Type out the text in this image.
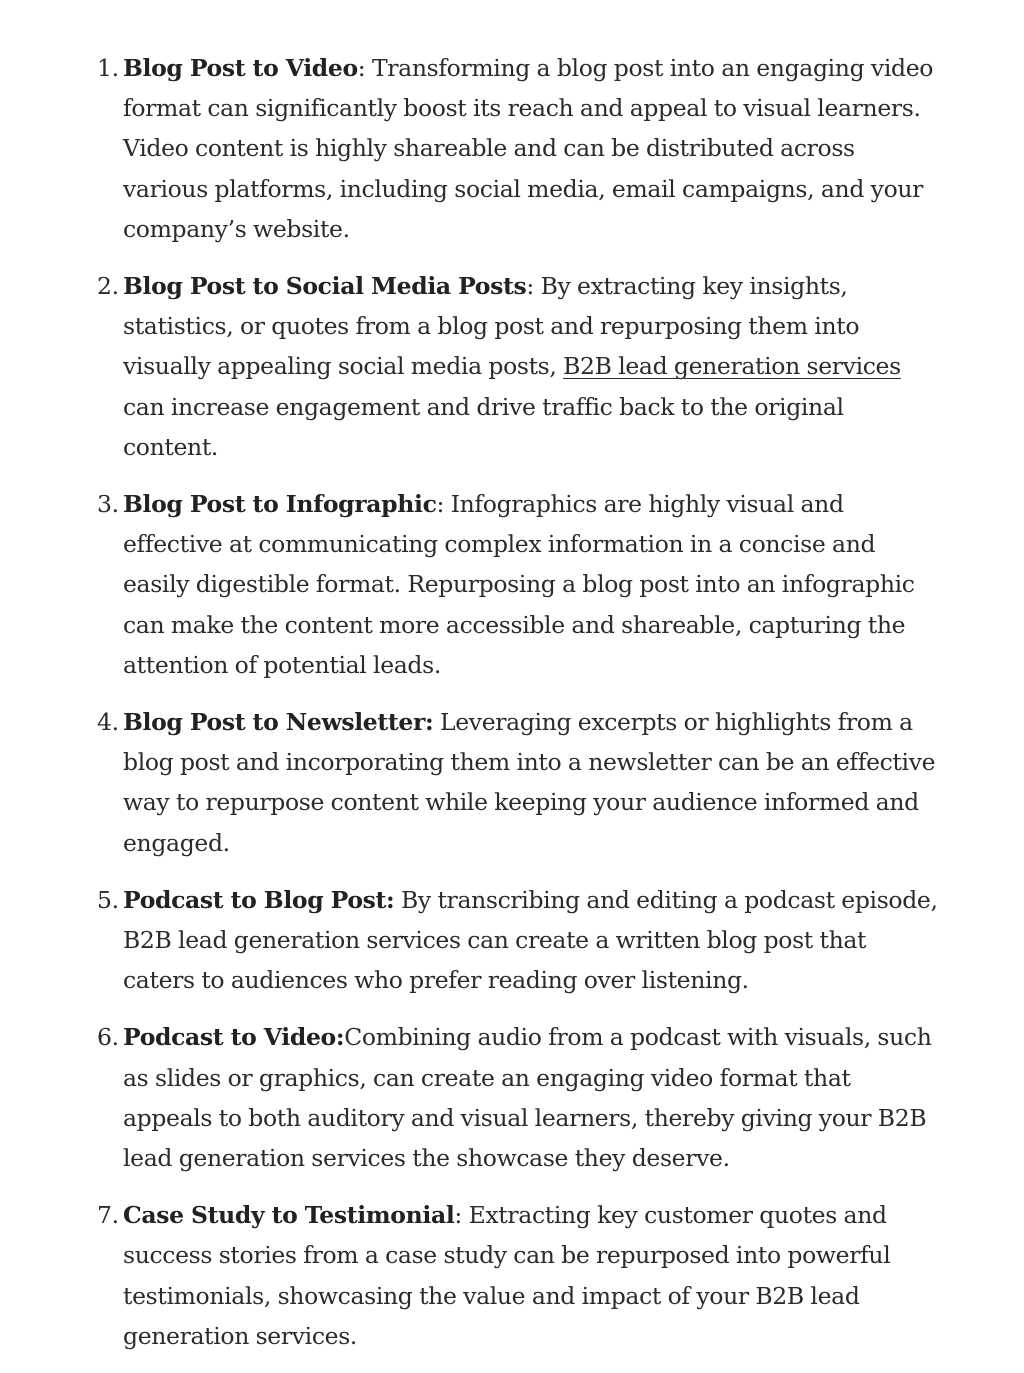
1. Blog Post to Video: Transforming a blog post into an engaging video format can significantly boost its reach and appeal to visual learners. Video content is highly shareable and can be distributed across various platforms, including social media, email campaigns, and your company’s website.
2. Blog Post to Social Media Posts: By extracting key insights, statistics, or quotes from a blog post and repurposing them into visually appealing social media posts, B2B lead generation services can increase engagement and drive traffic back to the original content.
3. Blog Post to Infographic: Infographics are highly visual and effective at communicating complex information in a concise and easily digestible format. Repurposing a blog post into an infographic can make the content more accessible and shareable, capturing the attention of potential leads.
4. Blog Post to Newsletter: Leveraging excerpts or highlights from a blog post and incorporating them into a newsletter can be an effective way to repurpose content while keeping your audience informed and engaged.
5. Podcast to Blog Post: By transcribing and editing a podcast episode, B2B lead generation services can create a written blog post that caters to audiences who prefer reading over listening.
6. Podcast to Video:Combining audio from a podcast with visuals, such as slides or graphics, can create an engaging video format that appeals to both auditory and visual learners, thereby giving your B2B lead generation services the showcase they deserve.
7. Case Study to Testimonial: Extracting key customer quotes and success stories from a case study can be repurposed into powerful testimonials, showcasing the value and impact of your B2B lead generation services.
